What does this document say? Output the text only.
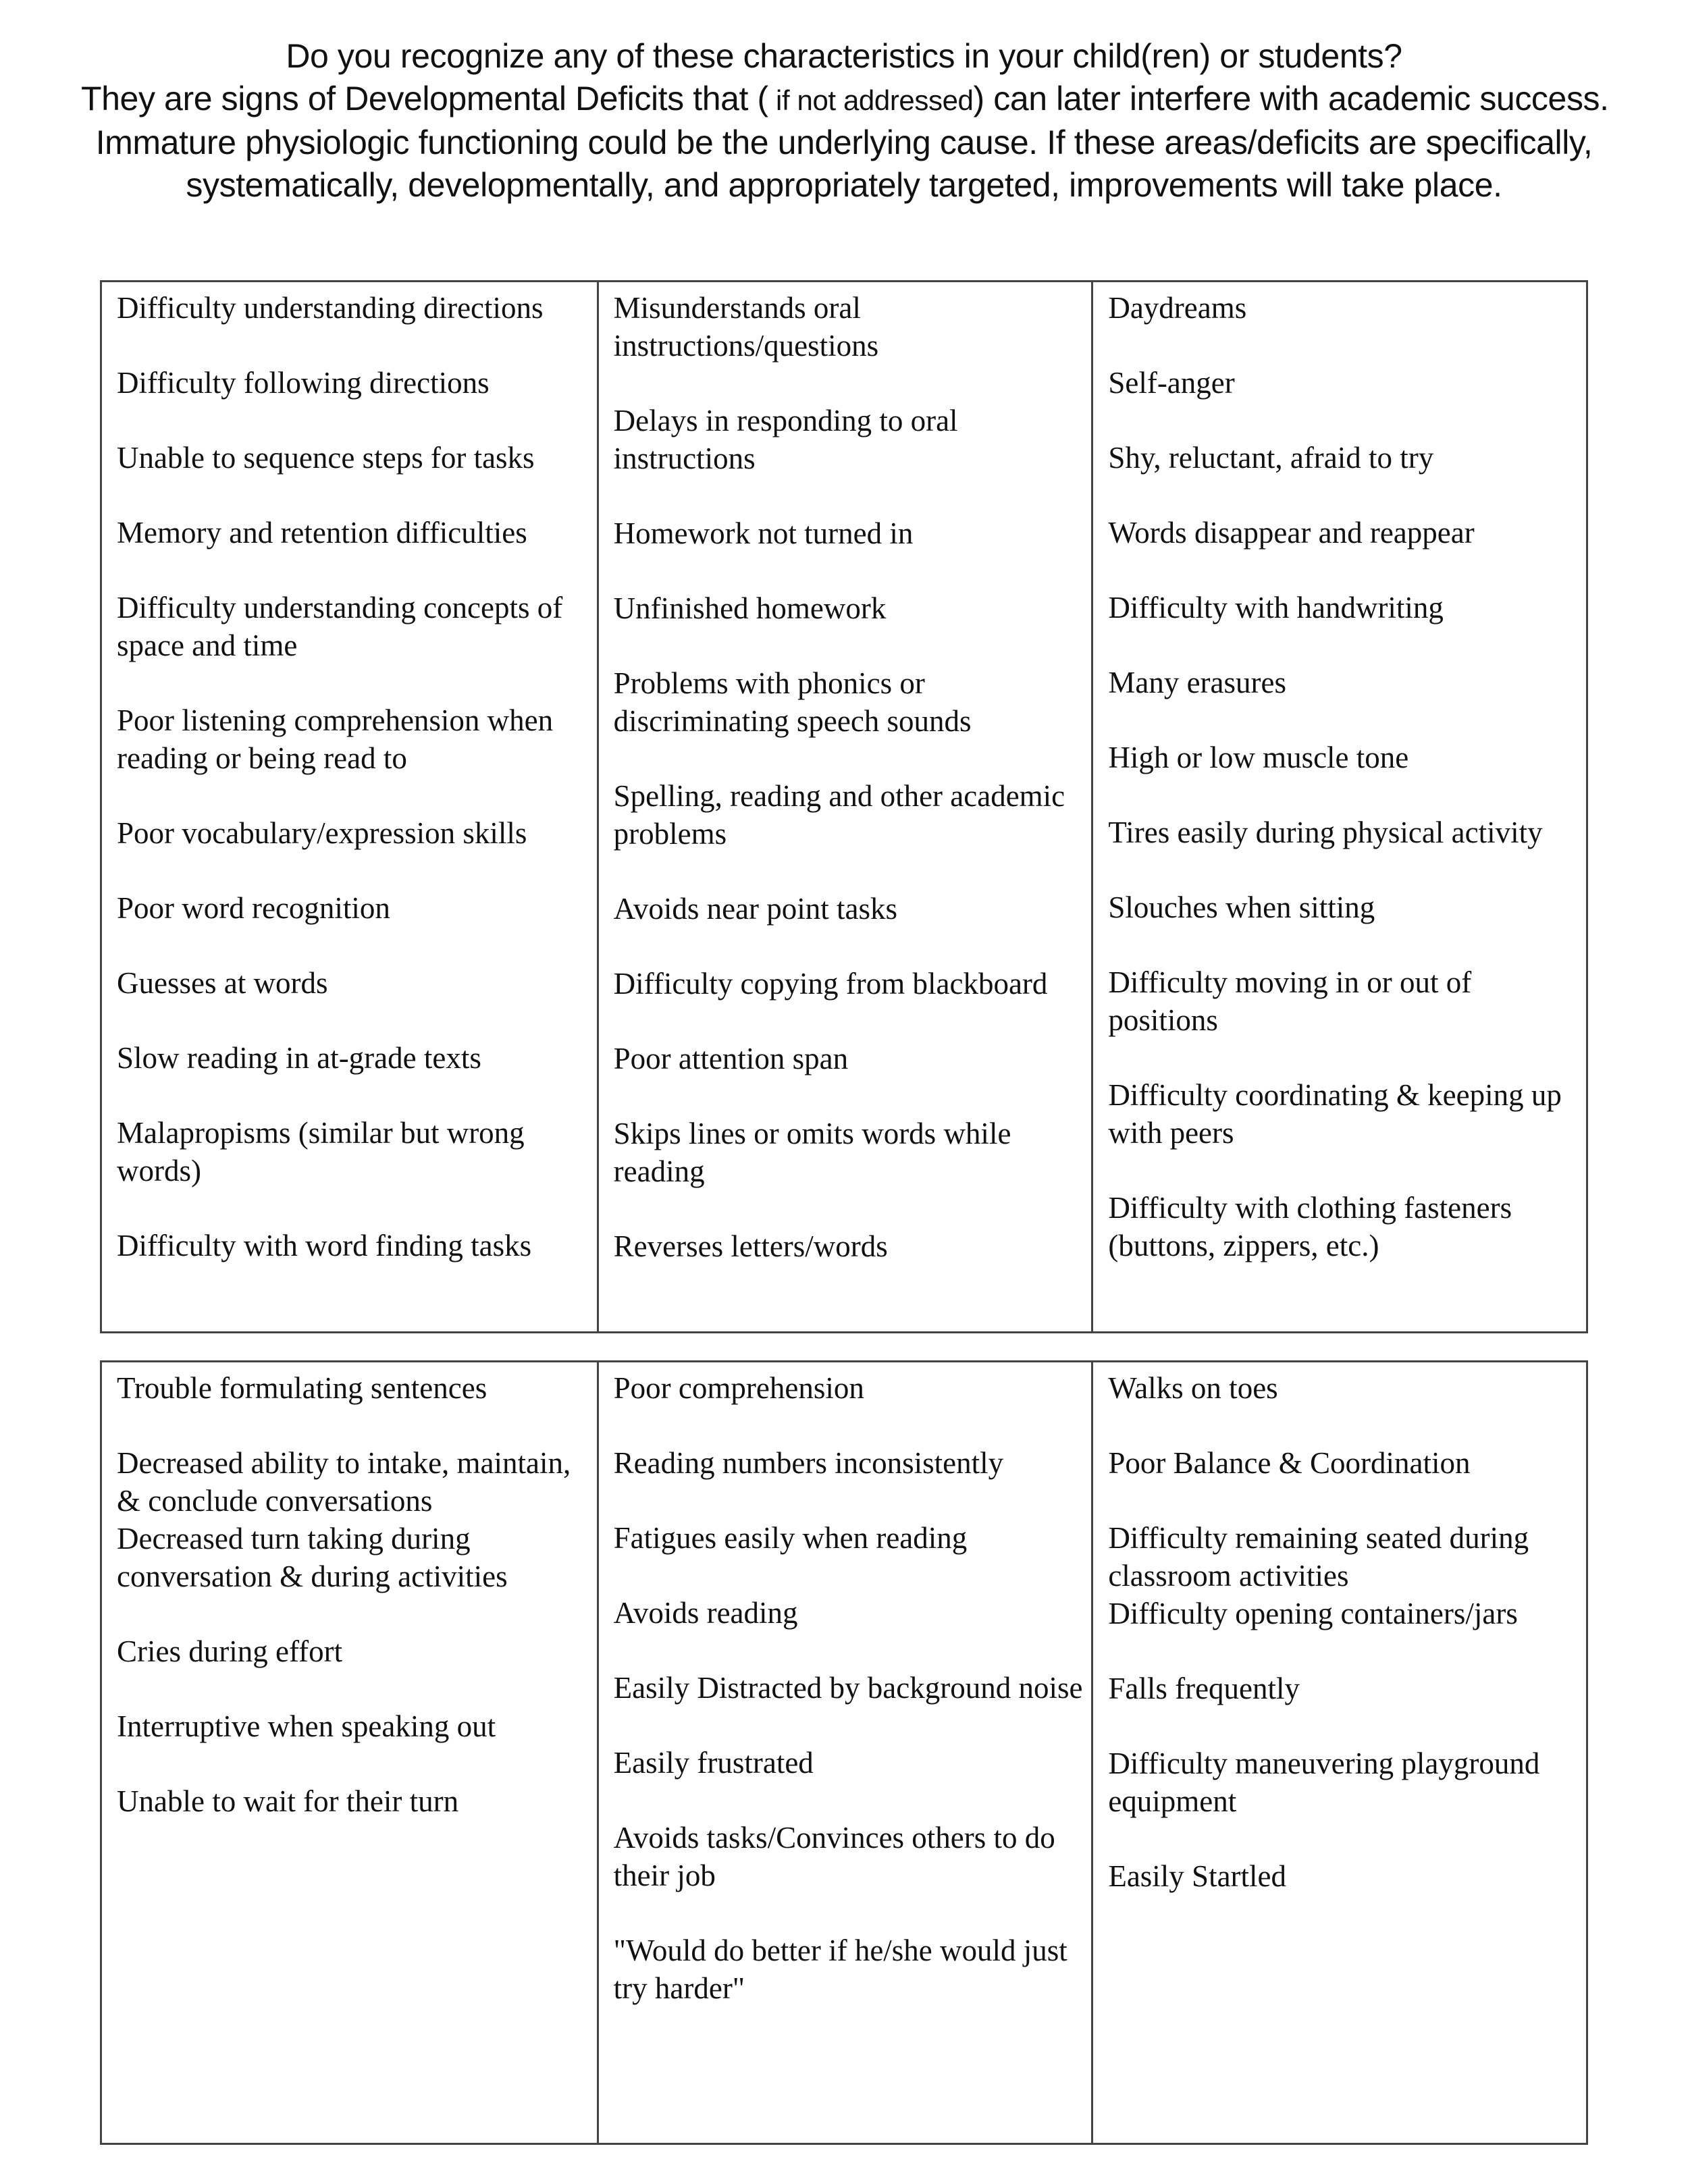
Do you recognize any of these characteristics in your child(ren) or students?
They are signs of Developmental Deficits that ( if not addressed) can later interfere with academic success.
Immature physiologic functioning could be the underlying cause. If these areas/deficits are specifically,
systematically, developmentally, and appropriately targeted, improvements will take place.
Difficulty understanding directions
Difficulty following directions
Unable to sequence steps for tasks
Memory and retention difficulties
Difficulty understanding concepts of space and time
Poor listening comprehension when reading or being read to
Poor vocabulary/expression skills
Poor word recognition
Guesses at words
Slow reading in at-grade texts
Malapropisms (similar but wrong words)
Difficulty with word finding tasks
Misunderstands oral instructions/questions
Delays in responding to oral instructions
Homework not turned in
Unfinished homework
Problems with phonics or discriminating speech sounds
Spelling, reading and other academic problems
Avoids near point tasks
Difficulty copying from blackboard
Poor attention span
Skips lines or omits words while reading
Reverses letters/words
Daydreams
Self-anger
Shy, reluctant, afraid to try
Words disappear and reappear
Difficulty with handwriting
Many erasures
High or low muscle tone
Tires easily during physical activity
Slouches when sitting
Difficulty moving in or out of positions
Difficulty coordinating & keeping up with peers
Difficulty with clothing fasteners (buttons, zippers, etc.)
Trouble formulating sentences
Decreased ability to intake, maintain, & conclude conversations
Decreased turn taking during conversation & during activities
Cries during effort
Interruptive when speaking out
Unable to wait for their turn
Poor comprehension
Reading numbers inconsistently
Fatigues easily when reading
Avoids reading
Easily Distracted by background noise
Easily frustrated
Avoids tasks/Convinces others to do their job
"Would do better if he/she would just try harder"
Walks on toes
Poor Balance & Coordination
Difficulty remaining seated during classroom activities
Difficulty opening containers/jars
Falls frequently
Difficulty maneuvering playground equipment
Easily Startled
